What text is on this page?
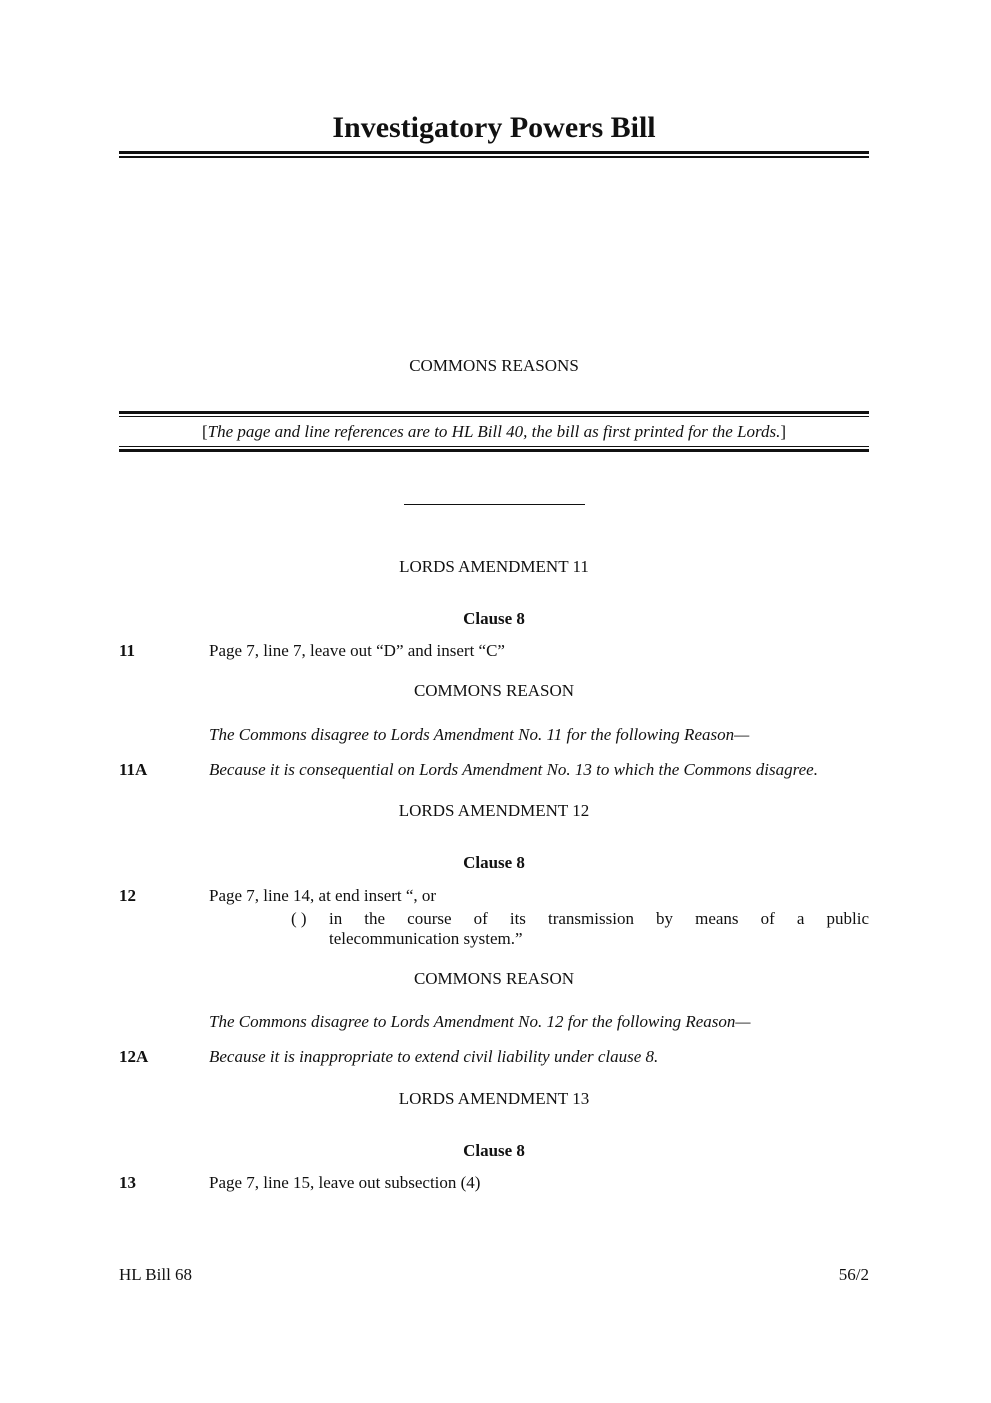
Investigatory Powers Bill
COMMONS REASONS
[The page and line references are to HL Bill 40, the bill as first printed for the Lords.]
LORDS AMENDMENT 11
Clause 8
11	Page 7, line 7, leave out “D” and insert “C”
COMMONS REASON
The Commons disagree to Lords Amendment No. 11 for the following Reason—
11A	Because it is consequential on Lords Amendment No. 13 to which the Commons disagree.
LORDS AMENDMENT 12
Clause 8
12	Page 7, line 14, at end insert “, or
( ) in the course of its transmission by means of a public
telecommunication system.”
COMMONS REASON
The Commons disagree to Lords Amendment No. 12 for the following Reason—
12A	Because it is inappropriate to extend civil liability under clause 8.
LORDS AMENDMENT 13
Clause 8
13	Page 7, line 15, leave out subsection (4)
HL Bill 68	56/2
